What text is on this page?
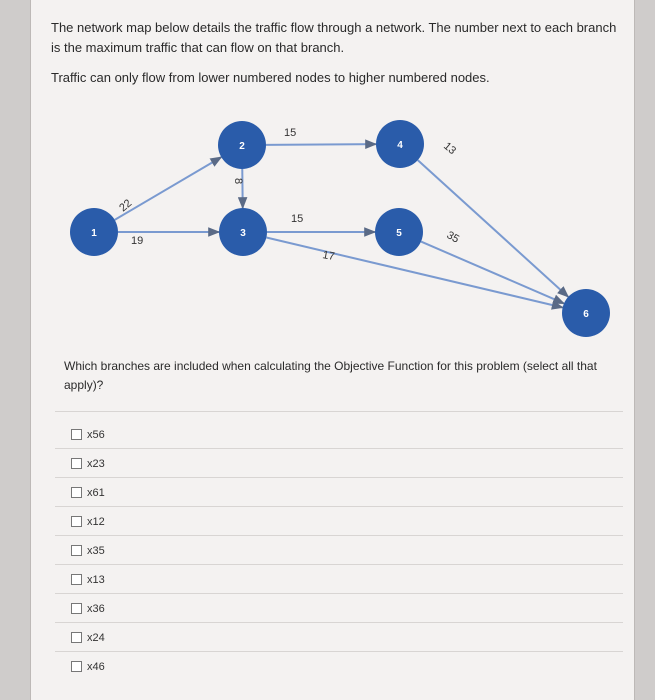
The network map below details the traffic flow through a network. The number next to each branch is the maximum traffic that can flow on that branch.

Traffic can only flow from lower numbered nodes to higher numbered nodes.

22
19
8
15
15
17
13
35
1
2
3
4
5
6
Which branches are included when calculating the Objective Function for this problem (select all that apply)?
x56
x23
x61
x12
x35
x13
x36
x24
x46
